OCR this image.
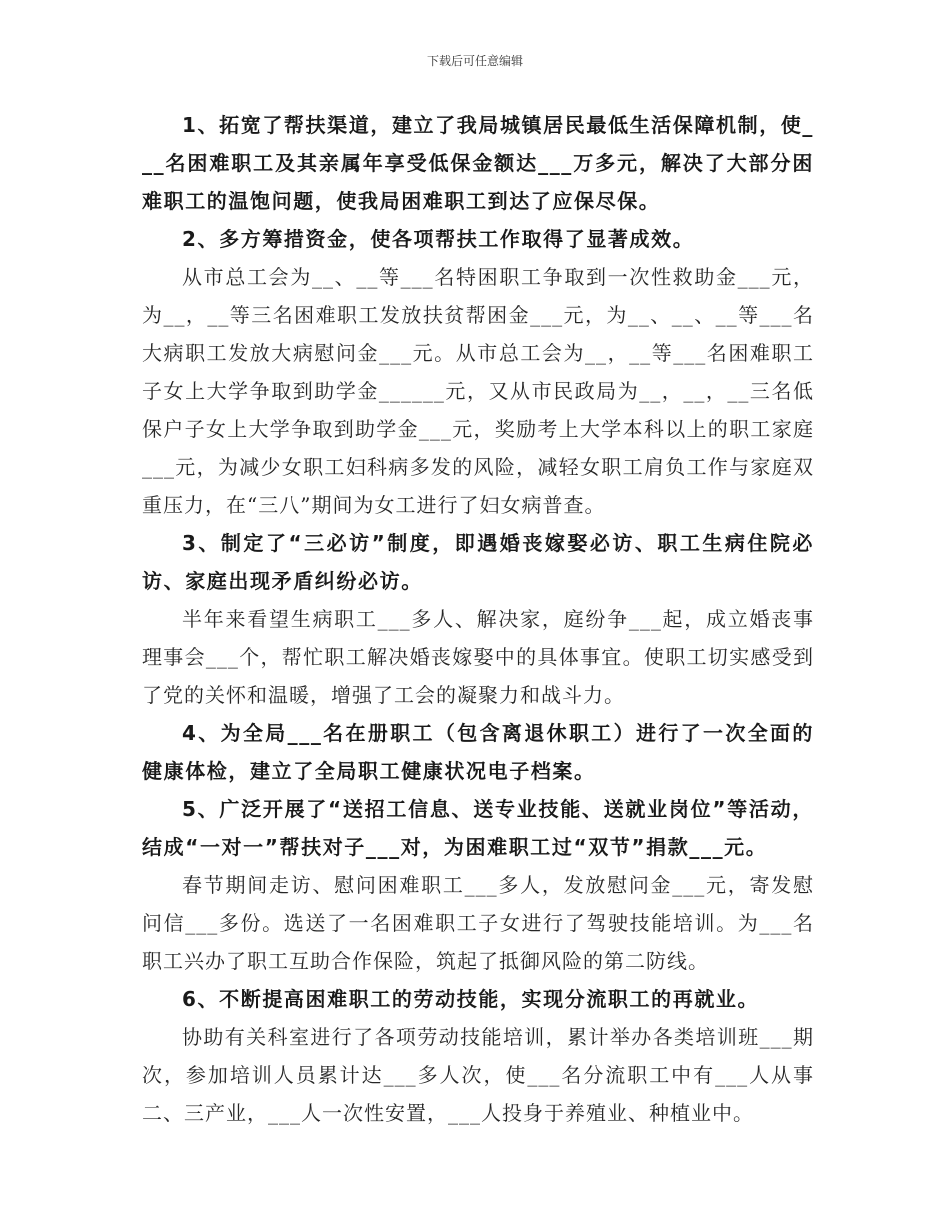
下载后可任意编辑

1、拓宽了帮扶渠道，建立了我局城镇居民最低生活保障机制，使___名困难职工及其亲属年享受低保金额达___万多元，解决了大部分困难职工的温饱问题，使我局困难职工到达了应保尽保。

2、多方筹措资金，使各项帮扶工作取得了显著成效。

从市总工会为__、__等___名特困职工争取到一次性救助金___元，为__，__等三名困难职工发放扶贫帮困金___元，为__、__、__等___名大病职工发放大病慰问金___元。从市总工会为__，__等___名困难职工子女上大学争取到助学金______元，又从市民政局为__，__，__三名低保户子女上大学争取到助学金___元，奖励考上大学本科以上的职工家庭___元，为减少女职工妇科病多发的风险，减轻女职工肩负工作与家庭双重压力，在“三八”期间为女工进行了妇女病普查。

3、制定了“三必访”制度，即遇婚丧嫁娶必访、职工生病住院必访、家庭出现矛盾纠纷必访。

半年来看望生病职工___多人、解决家，庭纷争___起，成立婚丧事理事会___个，帮忙职工解决婚丧嫁娶中的具体事宜。使职工切实感受到了党的关怀和温暖，增强了工会的凝聚力和战斗力。

4、为全局___名在册职工（包含离退休职工）进行了一次全面的健康体检，建立了全局职工健康状况电子档案。

5、广泛开展了“送招工信息、送专业技能、送就业岗位”等活动，结成“一对一”帮扶对子___对，为困难职工过“双节”捐款___元。

春节期间走访、慰问困难职工___多人，发放慰问金___元，寄发慰问信___多份。选送了一名困难职工子女进行了驾驶技能培训。为___名职工兴办了职工互助合作保险，筑起了抵御风险的第二防线。

6、不断提高困难职工的劳动技能，实现分流职工的再就业。

协助有关科室进行了各项劳动技能培训，累计举办各类培训班___期次，参加培训人员累计达___多人次，使___名分流职工中有___人从事二、三产业，___人一次性安置，___人投身于养殖业、种植业中。
